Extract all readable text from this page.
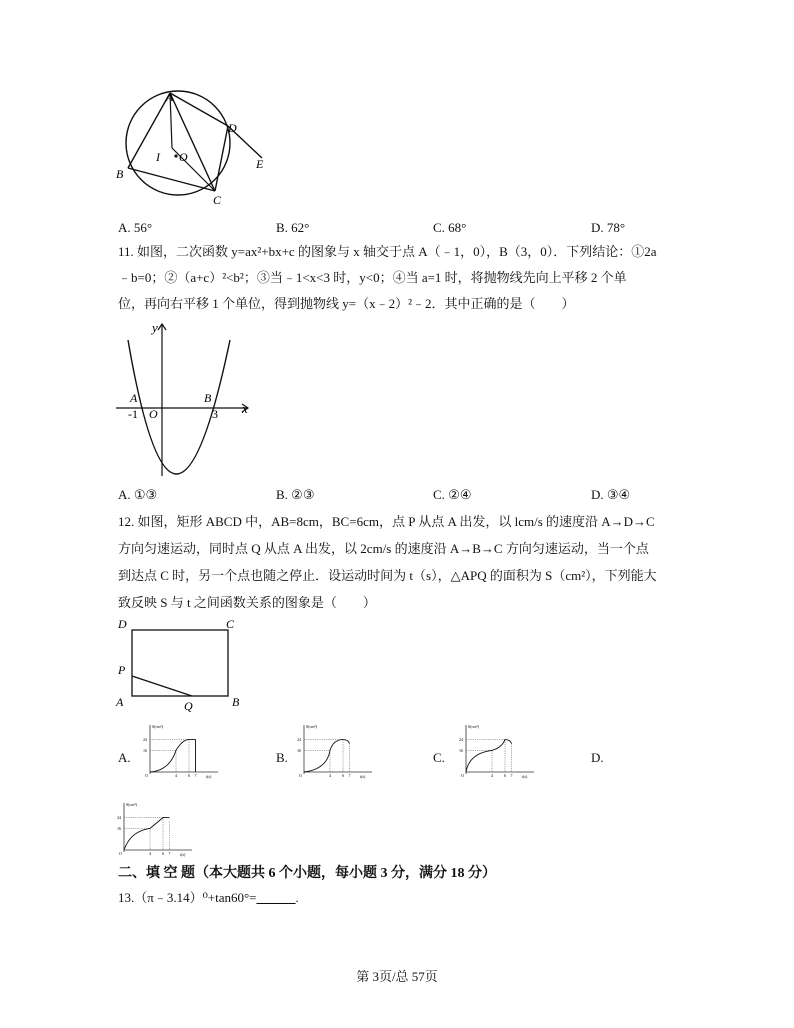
A
B
C
D
E
I O
A. 56°	B. 62°	C. 68°	D. 78°
11. 如图，二次函数 y=ax²+bx+c 的图象与 x 轴交于点 A（﹣1，0），B（3，0）．下列结论：①2a
﹣b=0；②（a+c）²<b²；③当﹣1<x<3 时，y<0；④当 a=1 时，将抛物线先向上平移 2 个单
位，再向右平移 1 个单位，得到抛物线 y=（x﹣2）²﹣2．其中正确的是（　　）
y
x
A	B
-1 O	3
A. ①③	B. ②③	C. ②④	D. ③④
12. 如图，矩形 ABCD 中，AB=8cm，BC=6cm，点 P 从点 A 出发，以 lcm/s 的速度沿 A→D→C
方向匀速运动，同时点 Q 从点 A 出发，以 2cm/s 的速度沿 A→B→C 方向匀速运动，当一个点
到达点 C 时，另一个点也随之停止．设运动时间为 t（s），△APQ 的面积为 S（cm²），下列能大
致反映 S 与 t 之间函数关系的图象是（　　）
D	C
P
A	Q	B
A.	B.	C.	D.
S(cm²)
t(s)
O	4	6 7
24
16
S(cm²)
t(s)
O	4	6 7
24
16
S(cm²)
t(s)
O	4	6 7
24
16
S(cm²)
t(s)
O	4	6 7
24
16
二、填 空 题（本大题共 6 个小题，每小题 3 分，满分 18 分）
13.（π﹣3.14）⁰+tan60°=______.
第 3页/总 57页
